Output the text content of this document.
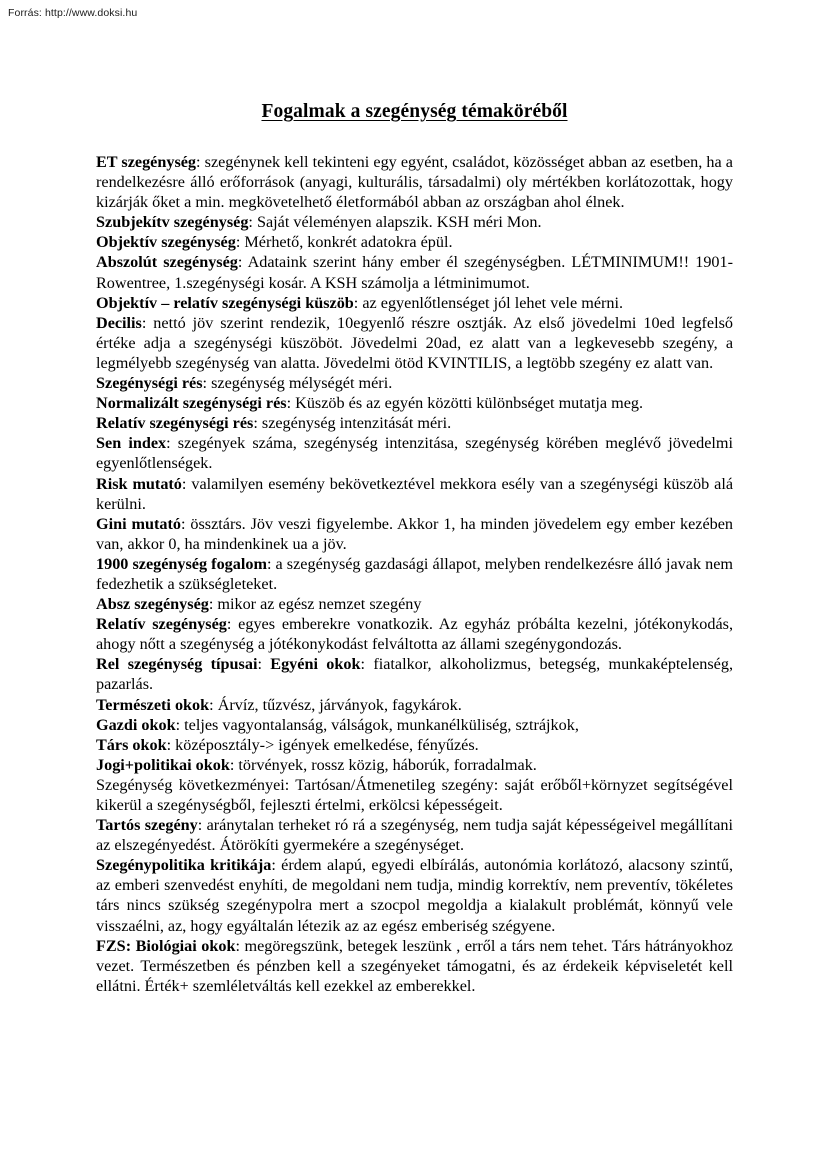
Forrás: http://www.doksi.hu
Fogalmak a szegénység témaköréből

ET szegénység: szegénynek kell tekinteni egy egyént, családot, közösséget abban az esetben, ha a rendelkezésre álló erőforrások (anyagi, kulturális, társadalmi) oly mértékben korlátozottak, hogy kizárják őket a min. megkövetelhető életformából abban az országban ahol élnek.

Szubjekítv szegénység: Saját véleményen alapszik. KSH méri Mon.

Objektív szegénység: Mérhető, konkrét adatokra épül.

Abszolút szegénység: Adataink szerint hány ember él szegénységben. LÉTMINIMUM!! 1901-Rowentree, 1.szegénységi kosár. A KSH számolja a létminimumot.

Objektív – relatív szegénységi küszöb: az egyenlőtlenséget jól lehet vele mérni.

Decilis: nettó jöv szerint rendezik, 10egyenlő részre osztják. Az első jövedelmi 10ed legfelső értéke adja a szegénységi küszöböt. Jövedelmi 20ad, ez alatt van a legkevesebb szegény, a legmélyebb szegénység van alatta. Jövedelmi ötöd KVINTILIS, a legtöbb szegény ez alatt van.

Szegénységi rés: szegénység mélységét méri.

Normalizált szegénységi rés: Küszöb és az egyén közötti különbséget mutatja meg.

Relatív szegénységi rés: szegénység intenzitását méri.

Sen index: szegények száma, szegénység intenzitása, szegénység körében meglévő jövedelmi egyenlőtlenségek.

Risk mutató: valamilyen esemény bekövetkeztével mekkora esély van a szegénységi küszöb alá kerülni.

Gini mutató: össztárs. Jöv veszi figyelembe. Akkor 1, ha minden jövedelem egy ember kezében van, akkor 0, ha mindenkinek ua a jöv.

1900 szegénység fogalom: a szegénység gazdasági állapot, melyben rendelkezésre álló javak nem fedezhetik a szükségleteket.

Absz szegénység: mikor az egész nemzet szegény

Relatív szegénység: egyes emberekre vonatkozik. Az egyház próbálta kezelni, jótékonykodás, ahogy nőtt a szegénység a jótékonykodást felváltotta az állami szegénygondozás.

Rel szegénység típusai: Egyéni okok: fiatalkor, alkoholizmus, betegség, munkaképtelenség, pazarlás.

Természeti okok: Árvíz, tűzvész, járványok, fagykárok.

Gazdi okok: teljes vagyontalanság, válságok, munkanélküliség, sztrájkok,

Társ okok: középosztály-> igények emelkedése, fényűzés.

Jogi+politikai okok: törvények, rossz közig, háborúk, forradalmak.

Szegénység következményei: Tartósan/Átmenetileg szegény: saját erőből+környzet segítségével kikerül a szegénységből, fejleszti értelmi, erkölcsi képességeit.

Tartós szegény: aránytalan terheket ró rá a szegénység, nem tudja saját képességeivel megállítani az elszegényedést. Átörökíti gyermekére a szegénységet.

Szegénypolitika kritikája: érdem alapú, egyedi elbírálás, autonómia korlátozó, alacsony szintű, az emberi szenvedést enyhíti, de megoldani nem tudja, mindig korrektív, nem preventív, tökéletes társ nincs szükség szegénypolra mert a szocpol megoldja a kialakult problémát, könnyű vele visszaélni, az, hogy egyáltalán létezik az az egész emberiség szégyene.

FZS: Biológiai okok: megöregszünk, betegek leszünk , erről a társ nem tehet. Társ hátrányokhoz vezet. Természetben és pénzben kell a szegényeket támogatni, és az érdekeik képviseletét kell ellátni. Érték+ szemléletváltás kell ezekkel az emberekkel.
